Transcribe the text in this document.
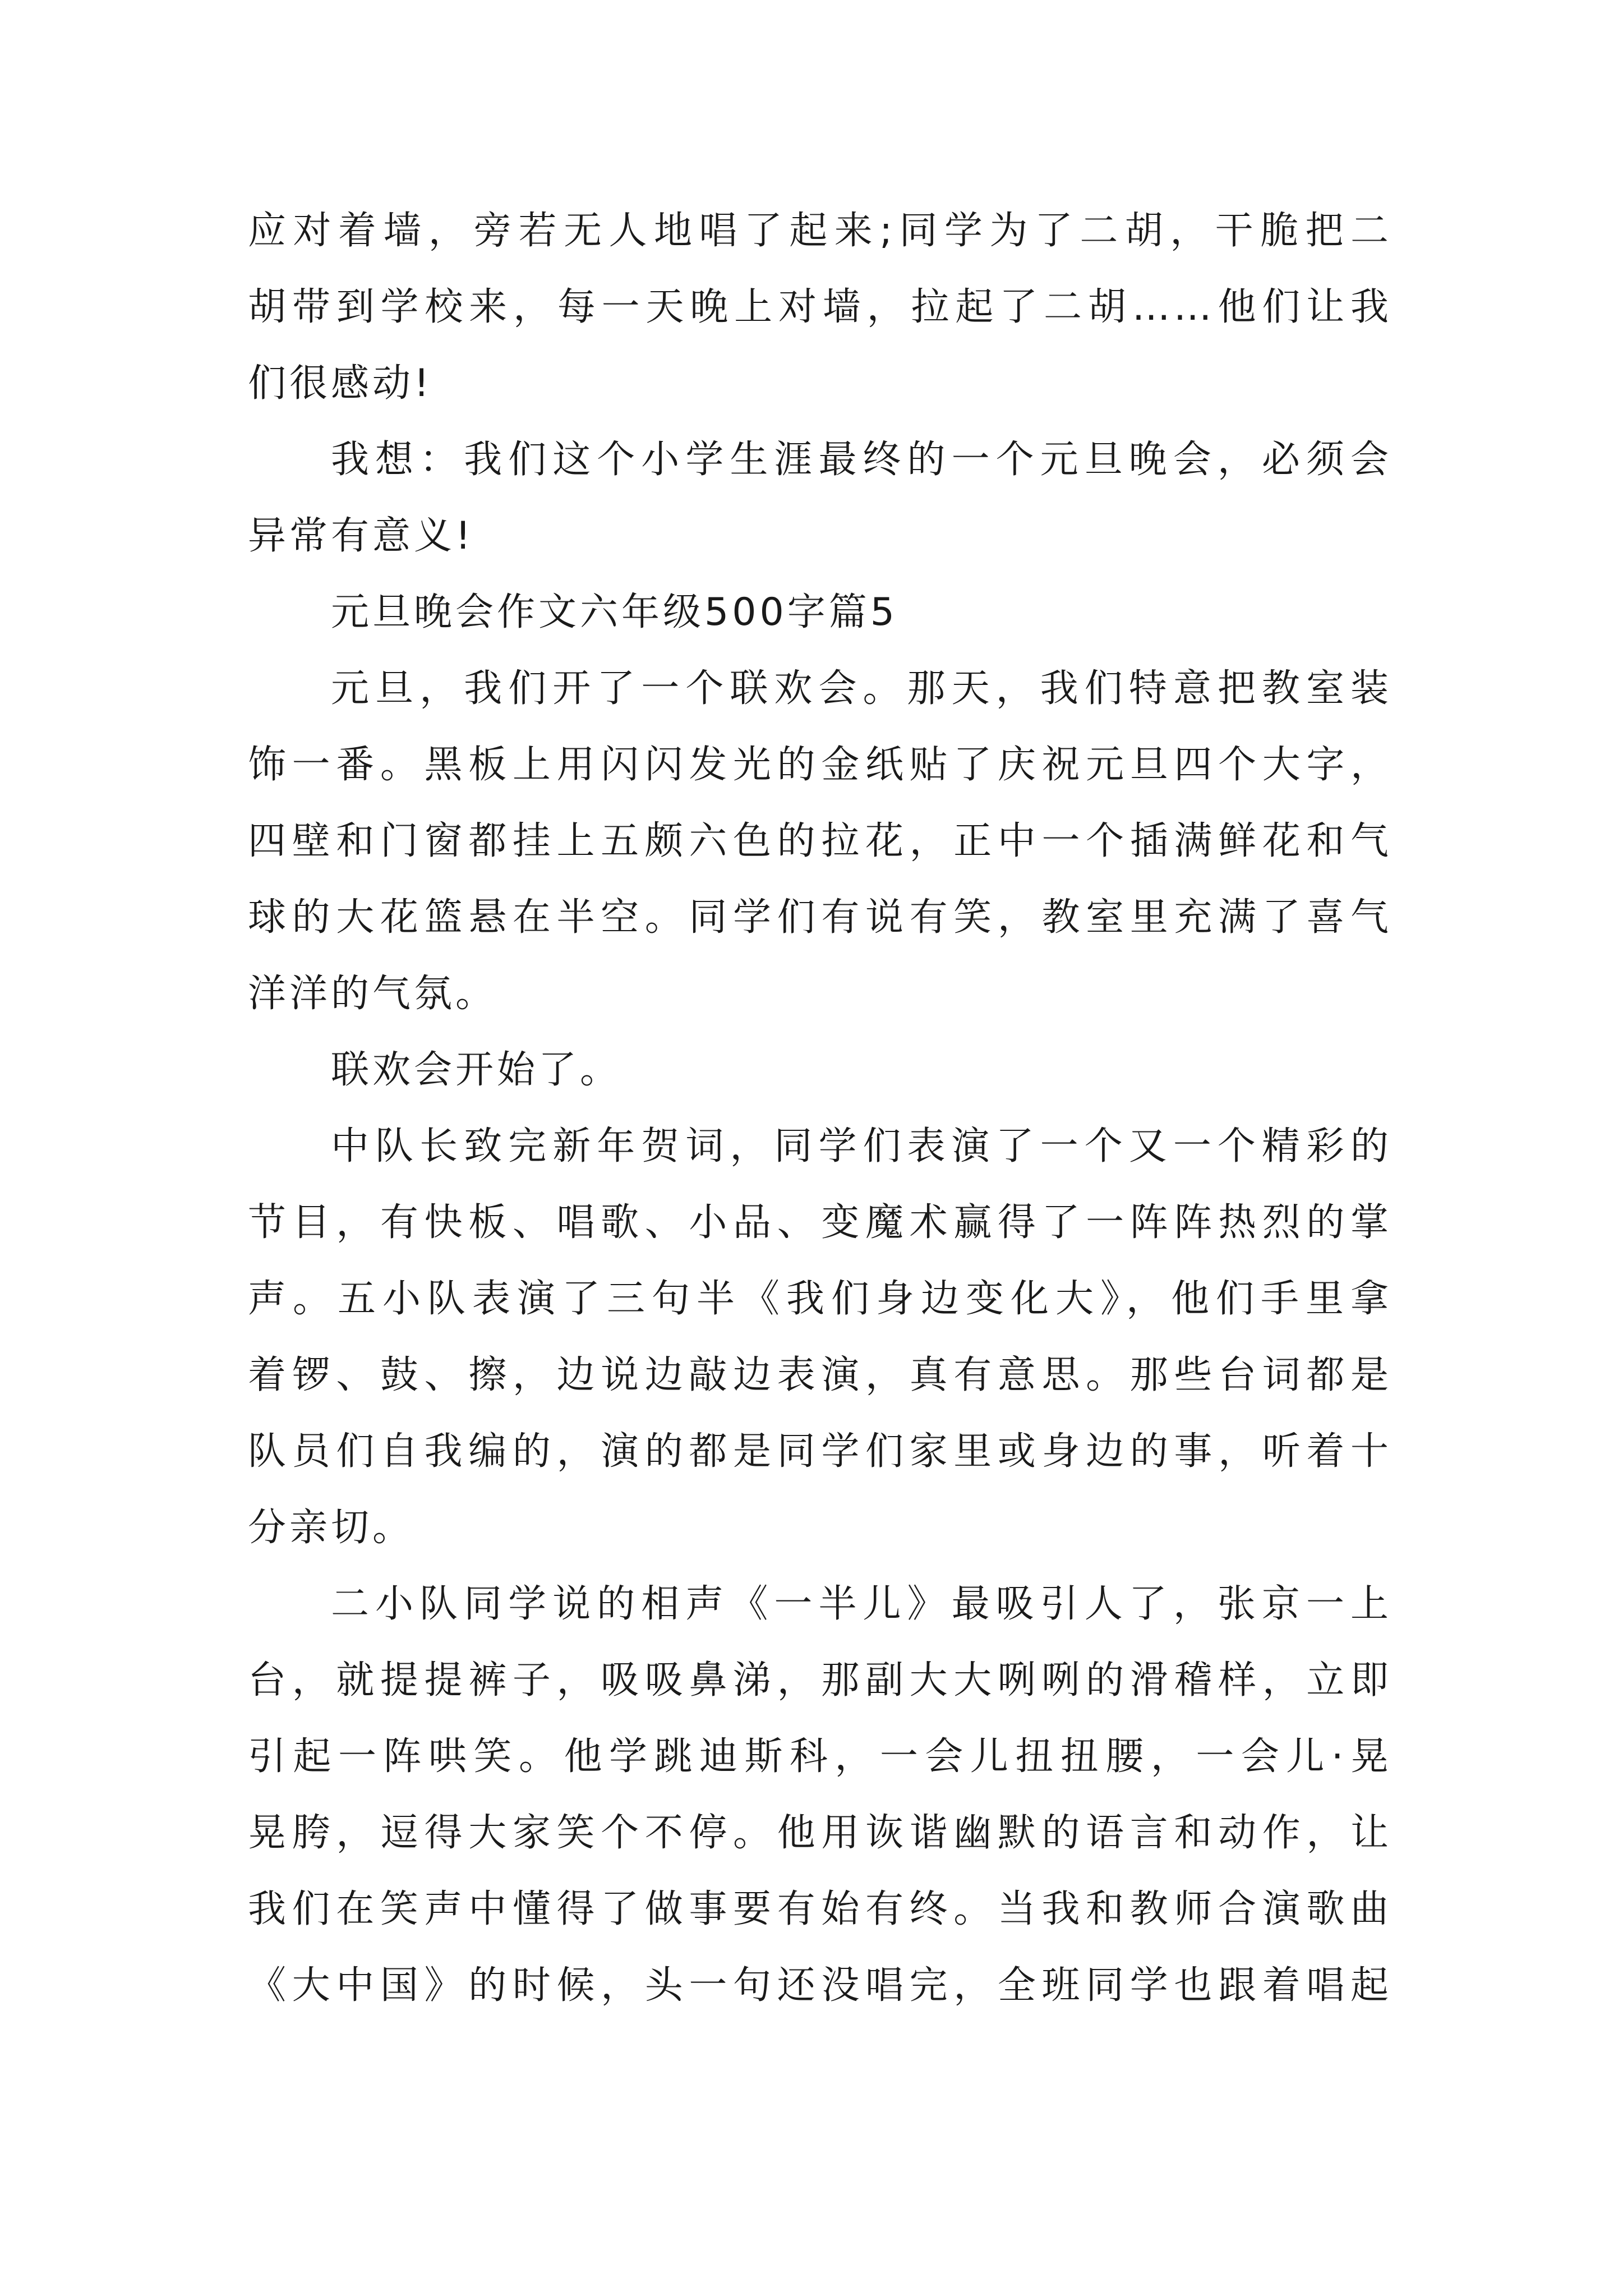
应对着墙，旁若无人地唱了起来;同学为了二胡，干脆把二
胡带到学校来，每一天晚上对墙，拉起了二胡……他们让我
们很感动!
我想：我们这个小学生涯最终的一个元旦晚会，必须会
异常有意义!
元旦晚会作文六年级500字篇5
元旦，我们开了一个联欢会。那天，我们特意把教室装
饰一番。黑板上用闪闪发光的金纸贴了庆祝元旦四个大字，
四壁和门窗都挂上五颇六色的拉花，正中一个插满鲜花和气
球的大花篮悬在半空。同学们有说有笑，教室里充满了喜气
洋洋的气氛。
联欢会开始了。
中队长致完新年贺词，同学们表演了一个又一个精彩的
节目，有快板、唱歌、小品、变魔术赢得了一阵阵热烈的掌
声。五小队表演了三句半《我们身边变化大》，他们手里拿
着锣、鼓、擦，边说边敲边表演，真有意思。那些台词都是
队员们自我编的，演的都是同学们家里或身边的事，听着十
分亲切。
二小队同学说的相声《一半儿》最吸引人了，张京一上
台，就提提裤子，吸吸鼻涕，那副大大咧咧的滑稽样，立即
引起一阵哄笑。他学跳迪斯科，一会儿扭扭腰，一会儿·晃
晃胯，逗得大家笑个不停。他用诙谐幽默的语言和动作，让
我们在笑声中懂得了做事要有始有终。当我和教师合演歌曲
《大中国》的时候，头一句还没唱完，全班同学也跟着唱起
